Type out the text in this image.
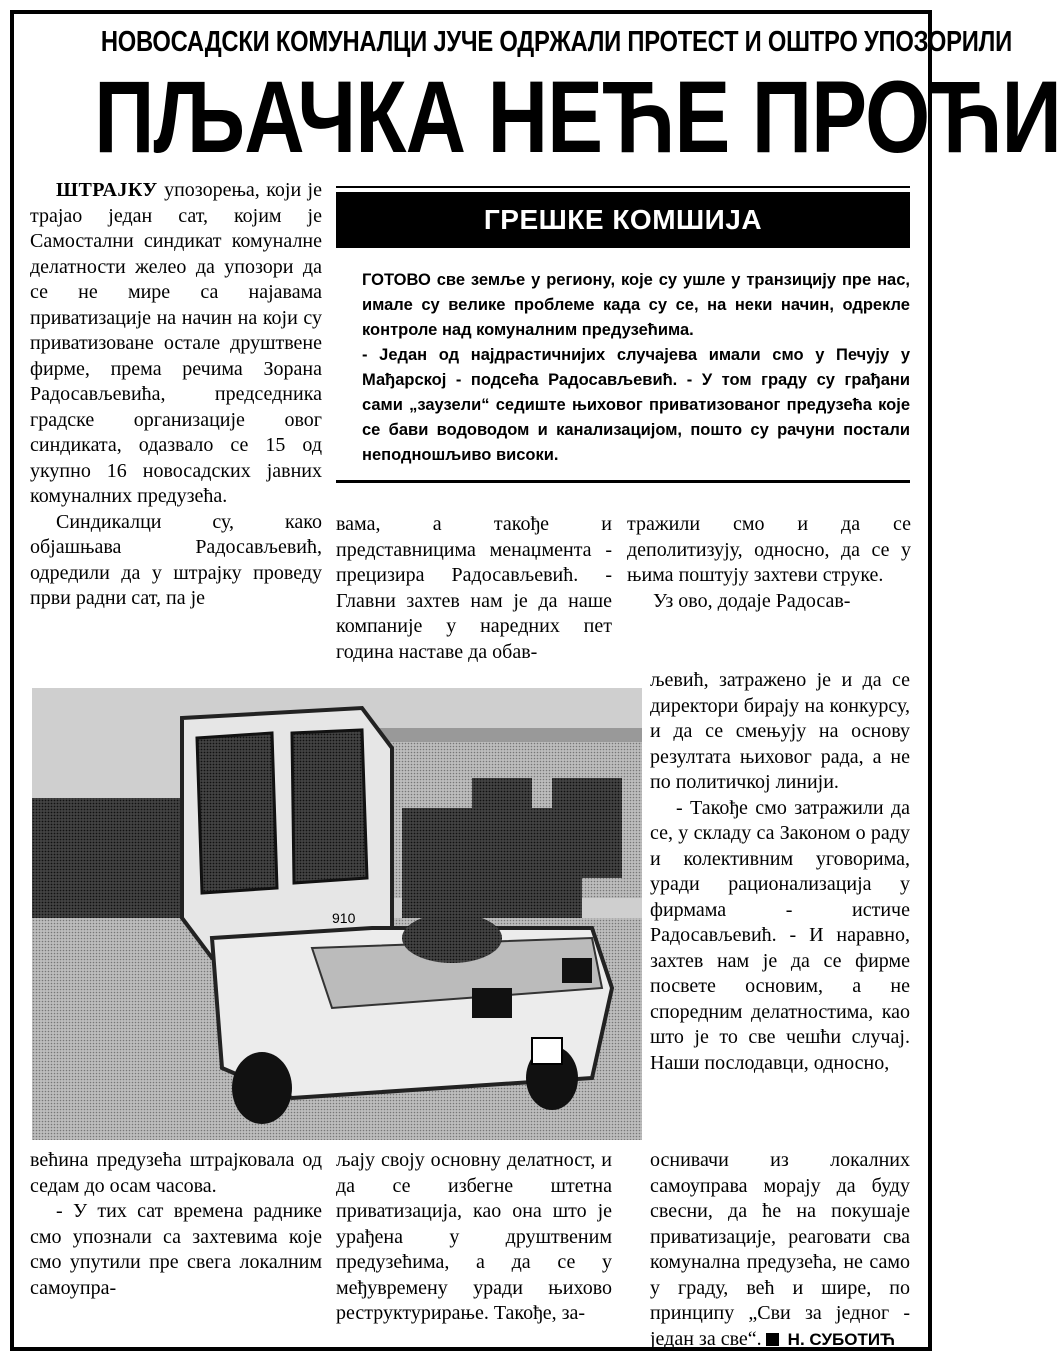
НОВОСАДСКИ КОМУНАЛЦИ ЈУЧЕ ОДРЖАЛИ ПРОТЕСТ И ОШТРО УПОЗОРИЛИ
ПЉАЧКА НЕЋЕ ПРОЋИ

ШТРАЈКУ упозорења, који је трајао један сат, којим је Самостални синдикат комуналне делатности желео да упозори да се не мире са најавама приватизације на начин на који су приватизоване остале друштвене фирме, према речима Зорана Радосављевића, председника градске организације овог синдиката, одазвало се 15 од укупно 16 новосадских јавних комуналних предузећа.

Синдикалци су, како објашњава Радосављевић, одредили да у штрајку проведу први радни сат, па је

ГРЕШКЕ КОМШИЈА

ГОТОВО све земље у региону, које су ушле у транзицију пре нас, имале су велике проблеме када су се, на неки начин, одрекле контроле над комуналним предузећима.

- Један од најдрастичнијих случајева имали смо у Печују у Мађарској - подсећа Радосављевић. - У том граду су грађани сами „заузели“ седиште њиховог приватизованог предузећа које се бави водоводом и канализацијом, пошто су рачуни постали неподношљиво високи.

вама, а такође и представницима менаџмента - прецизира Радосављевић. - Главни захтев нам је да наше компаније у наредних пет година наставе да обав-

тражили смо и да се деполитизују, односно, да се у њима поштују захтеви струке.

Уз ово, додаје Радосав-

љевић, затражено је и да се директори бирају на конкурсу, и да се смењују на основу резултата њиховог рада, а не по политичкој линији.

- Такође смо затражили да се, у складу са Законом о раду и колективним уговорима, уради рационализација у фирмама - истиче Радосављевић. - И наравно, захтев нам је да се фирме посвете основим, а не споредним делатностима, као што је то све чешћи случај. Наши послодавци, односно,

910

већина предузећа штрајковала од седам до осам часова.

- У тих сат времена раднике смо упознали са захтевима које смо упутили пре свега локалним самоупра-

љају своју основну делатност, и да се избегне штетна приватизација, као она што је урађена у друштвеним предузећима, а да се у међувремену уради њихово реструктурирање. Такође, за-

оснивачи из локалних самоуправа морају да буду свесни, да ће на покушаје приватизације, реаговати сва комунална предузећа, не само у граду, већ и шире, по принципу „Сви за једног - један за све“. Н. СУБОТИЋ
